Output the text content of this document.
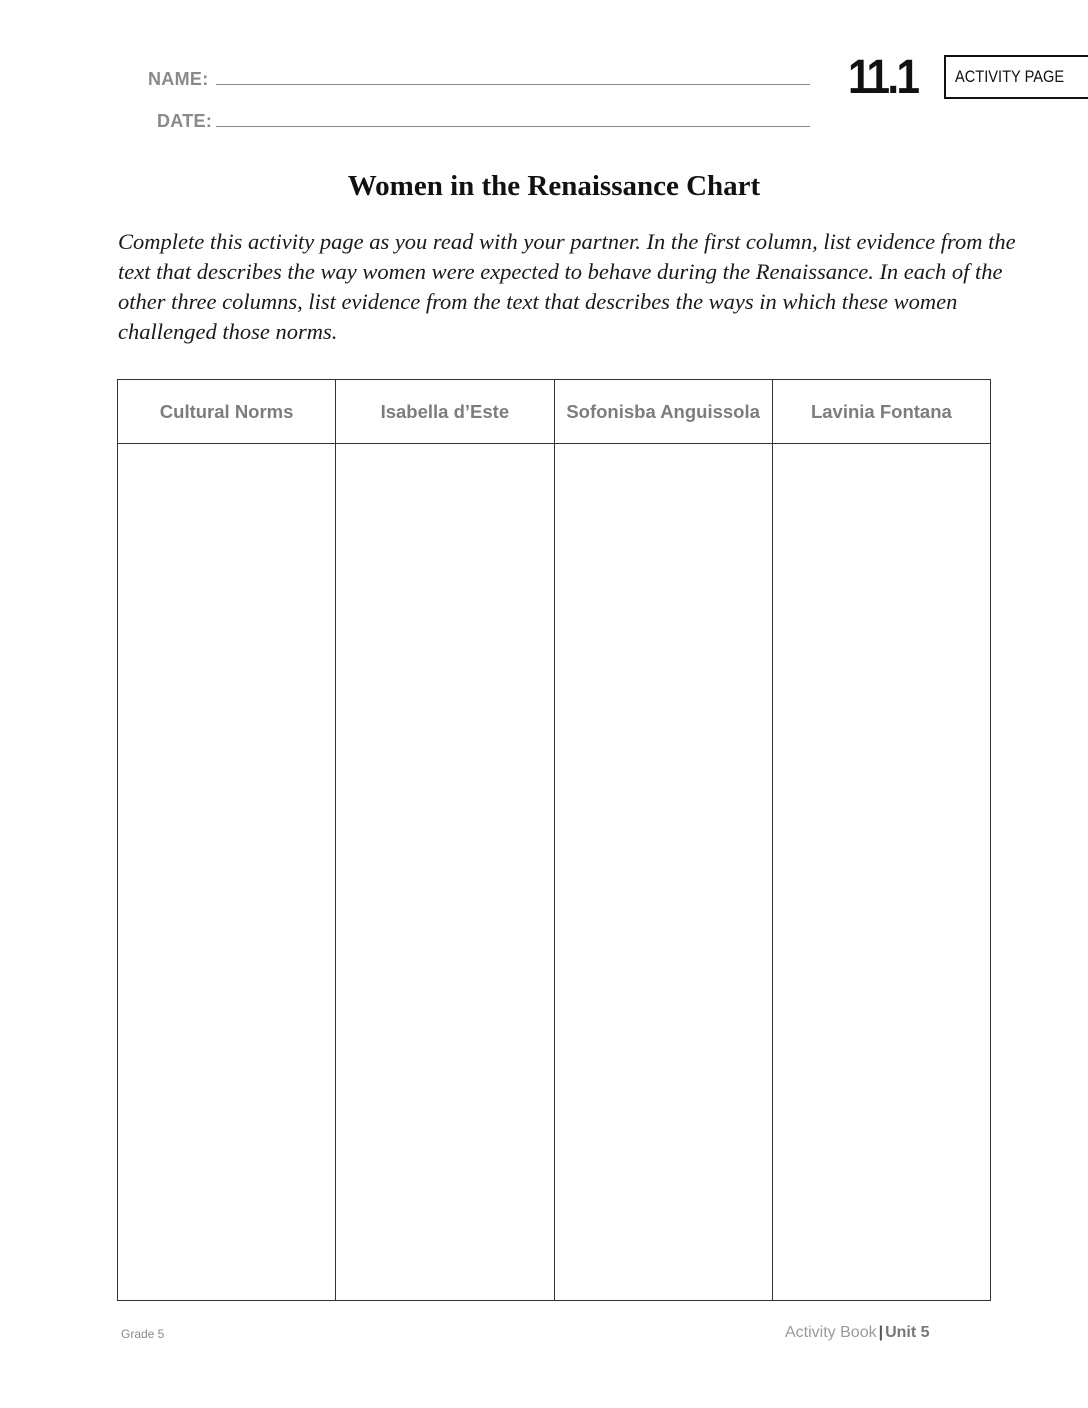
NAME:
DATE:
11.1 ACTIVITY PAGE
Women in the Renaissance Chart

Complete this activity page as you read with your partner. In the first column, list evidence from the text that describes the way women were expected to behave during the Renaissance. In each of the other three columns, list evidence from the text that describes the ways in which these women challenged those norms.

Cultural Norms	Isabella d’Este	Sofonisba Anguissola	Lavinia Fontana

Grade 5	Activity Book | Unit 5
